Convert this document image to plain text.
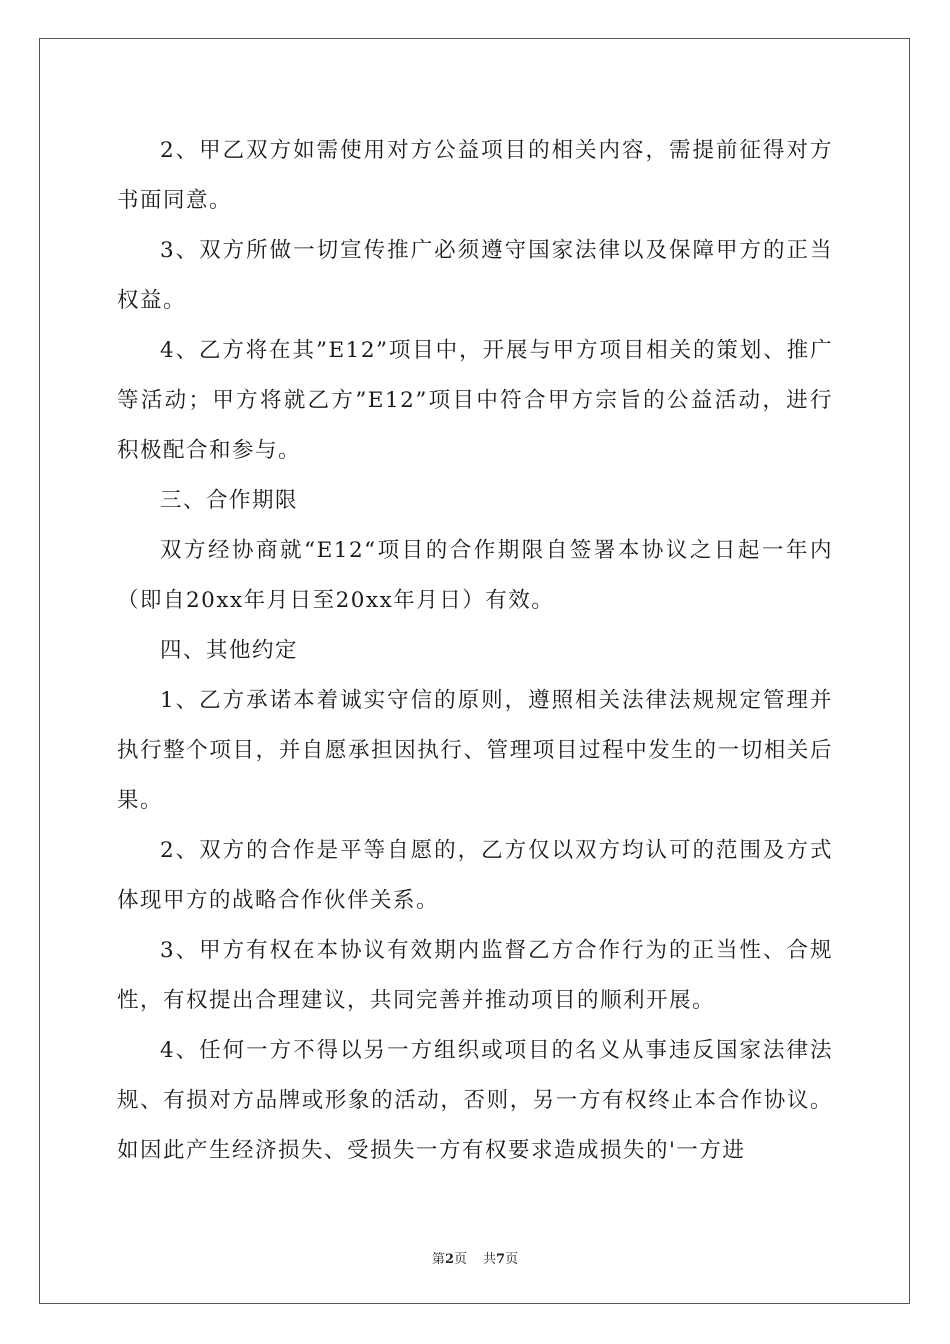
2、甲乙双方如需使用对方公益项目的相关内容，需提前征得对方书面同意。

3、双方所做一切宣传推广必须遵守国家法律以及保障甲方的正当权益。

4、乙方将在其”E12”项目中，开展与甲方项目相关的策划、推广等活动；甲方将就乙方”E12”项目中符合甲方宗旨的公益活动，进行积极配合和参与。

三、合作期限

双方经协商就“E12“项目的合作期限自签署本协议之日起一年内（即自20xx年月日至20xx年月日）有效。

四、其他约定

1、乙方承诺本着诚实守信的原则，遵照相关法律法规规定管理并执行整个项目，并自愿承担因执行、管理项目过程中发生的一切相关后果。

2、双方的合作是平等自愿的，乙方仅以双方均认可的范围及方式体现甲方的战略合作伙伴关系。

3、甲方有权在本协议有效期内监督乙方合作行为的正当性、合规性，有权提出合理建议，共同完善并推动项目的顺利开展。

4、任何一方不得以另一方组织或项目的名义从事违反国家法律法规、有损对方品牌或形象的活动，否则，另一方有权终止本合作协议。如因此产生经济损失、受损失一方有权要求造成损失的'一方进

第2页 共7页
